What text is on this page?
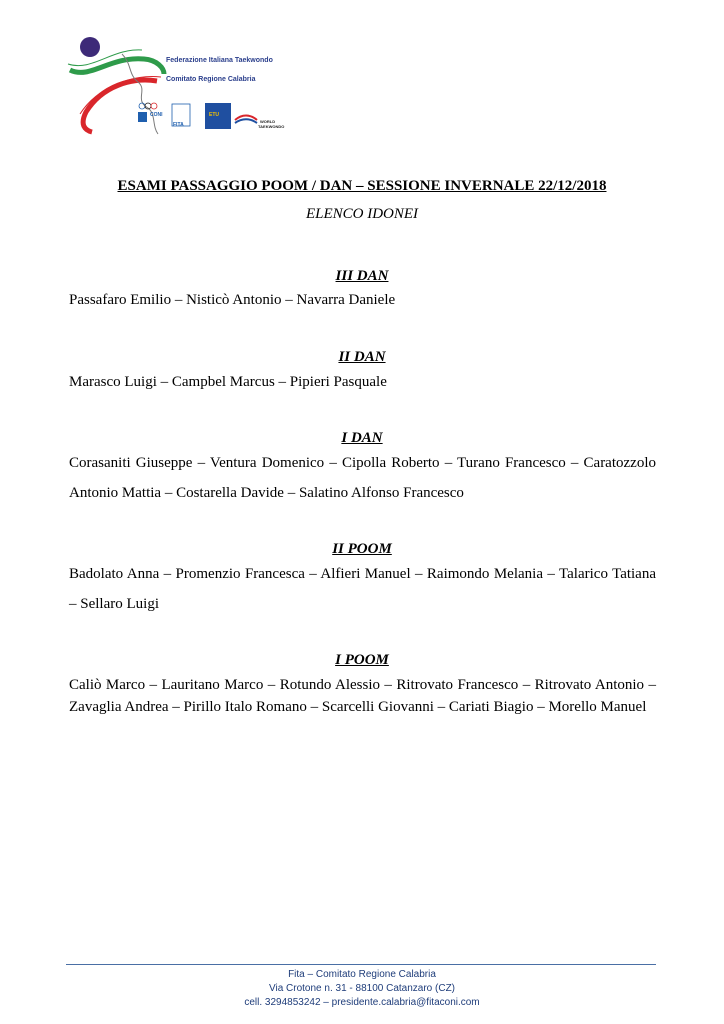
CONI
FITA
ETU
WORLD
TAEKWONDO
Federazione Italiana Taekwondo
Comitato Regione Calabria
ESAMI PASSAGGIO POOM / DAN – SESSIONE INVERNALE 22/12/2018
ELENCO IDONEI
III DAN

Passafaro Emilio – Nisticò Antonio – Navarra Daniele

II DAN

Marasco Luigi – Campbel Marcus – Pipieri Pasquale

I DAN

Corasaniti Giuseppe – Ventura Domenico – Cipolla Roberto – Turano Francesco – Caratozzolo Antonio Mattia – Costarella Davide – Salatino Alfonso Francesco

II POOM

Badolato Anna – Promenzio Francesca – Alfieri Manuel – Raimondo Melania – Talarico Tatiana – Sellaro Luigi

I POOM

Caliò Marco – Lauritano Marco – Rotundo Alessio – Ritrovato Francesco – Ritrovato Antonio – Zavaglia Andrea – Pirillo Italo Romano – Scarcelli Giovanni – Cariati Biagio – Morello Manuel

Fita – Comitato Regione Calabria
Via Crotone n. 31 - 88100 Catanzaro (CZ)
cell. 3294853242 – presidente.calabria@fitaconi.com
